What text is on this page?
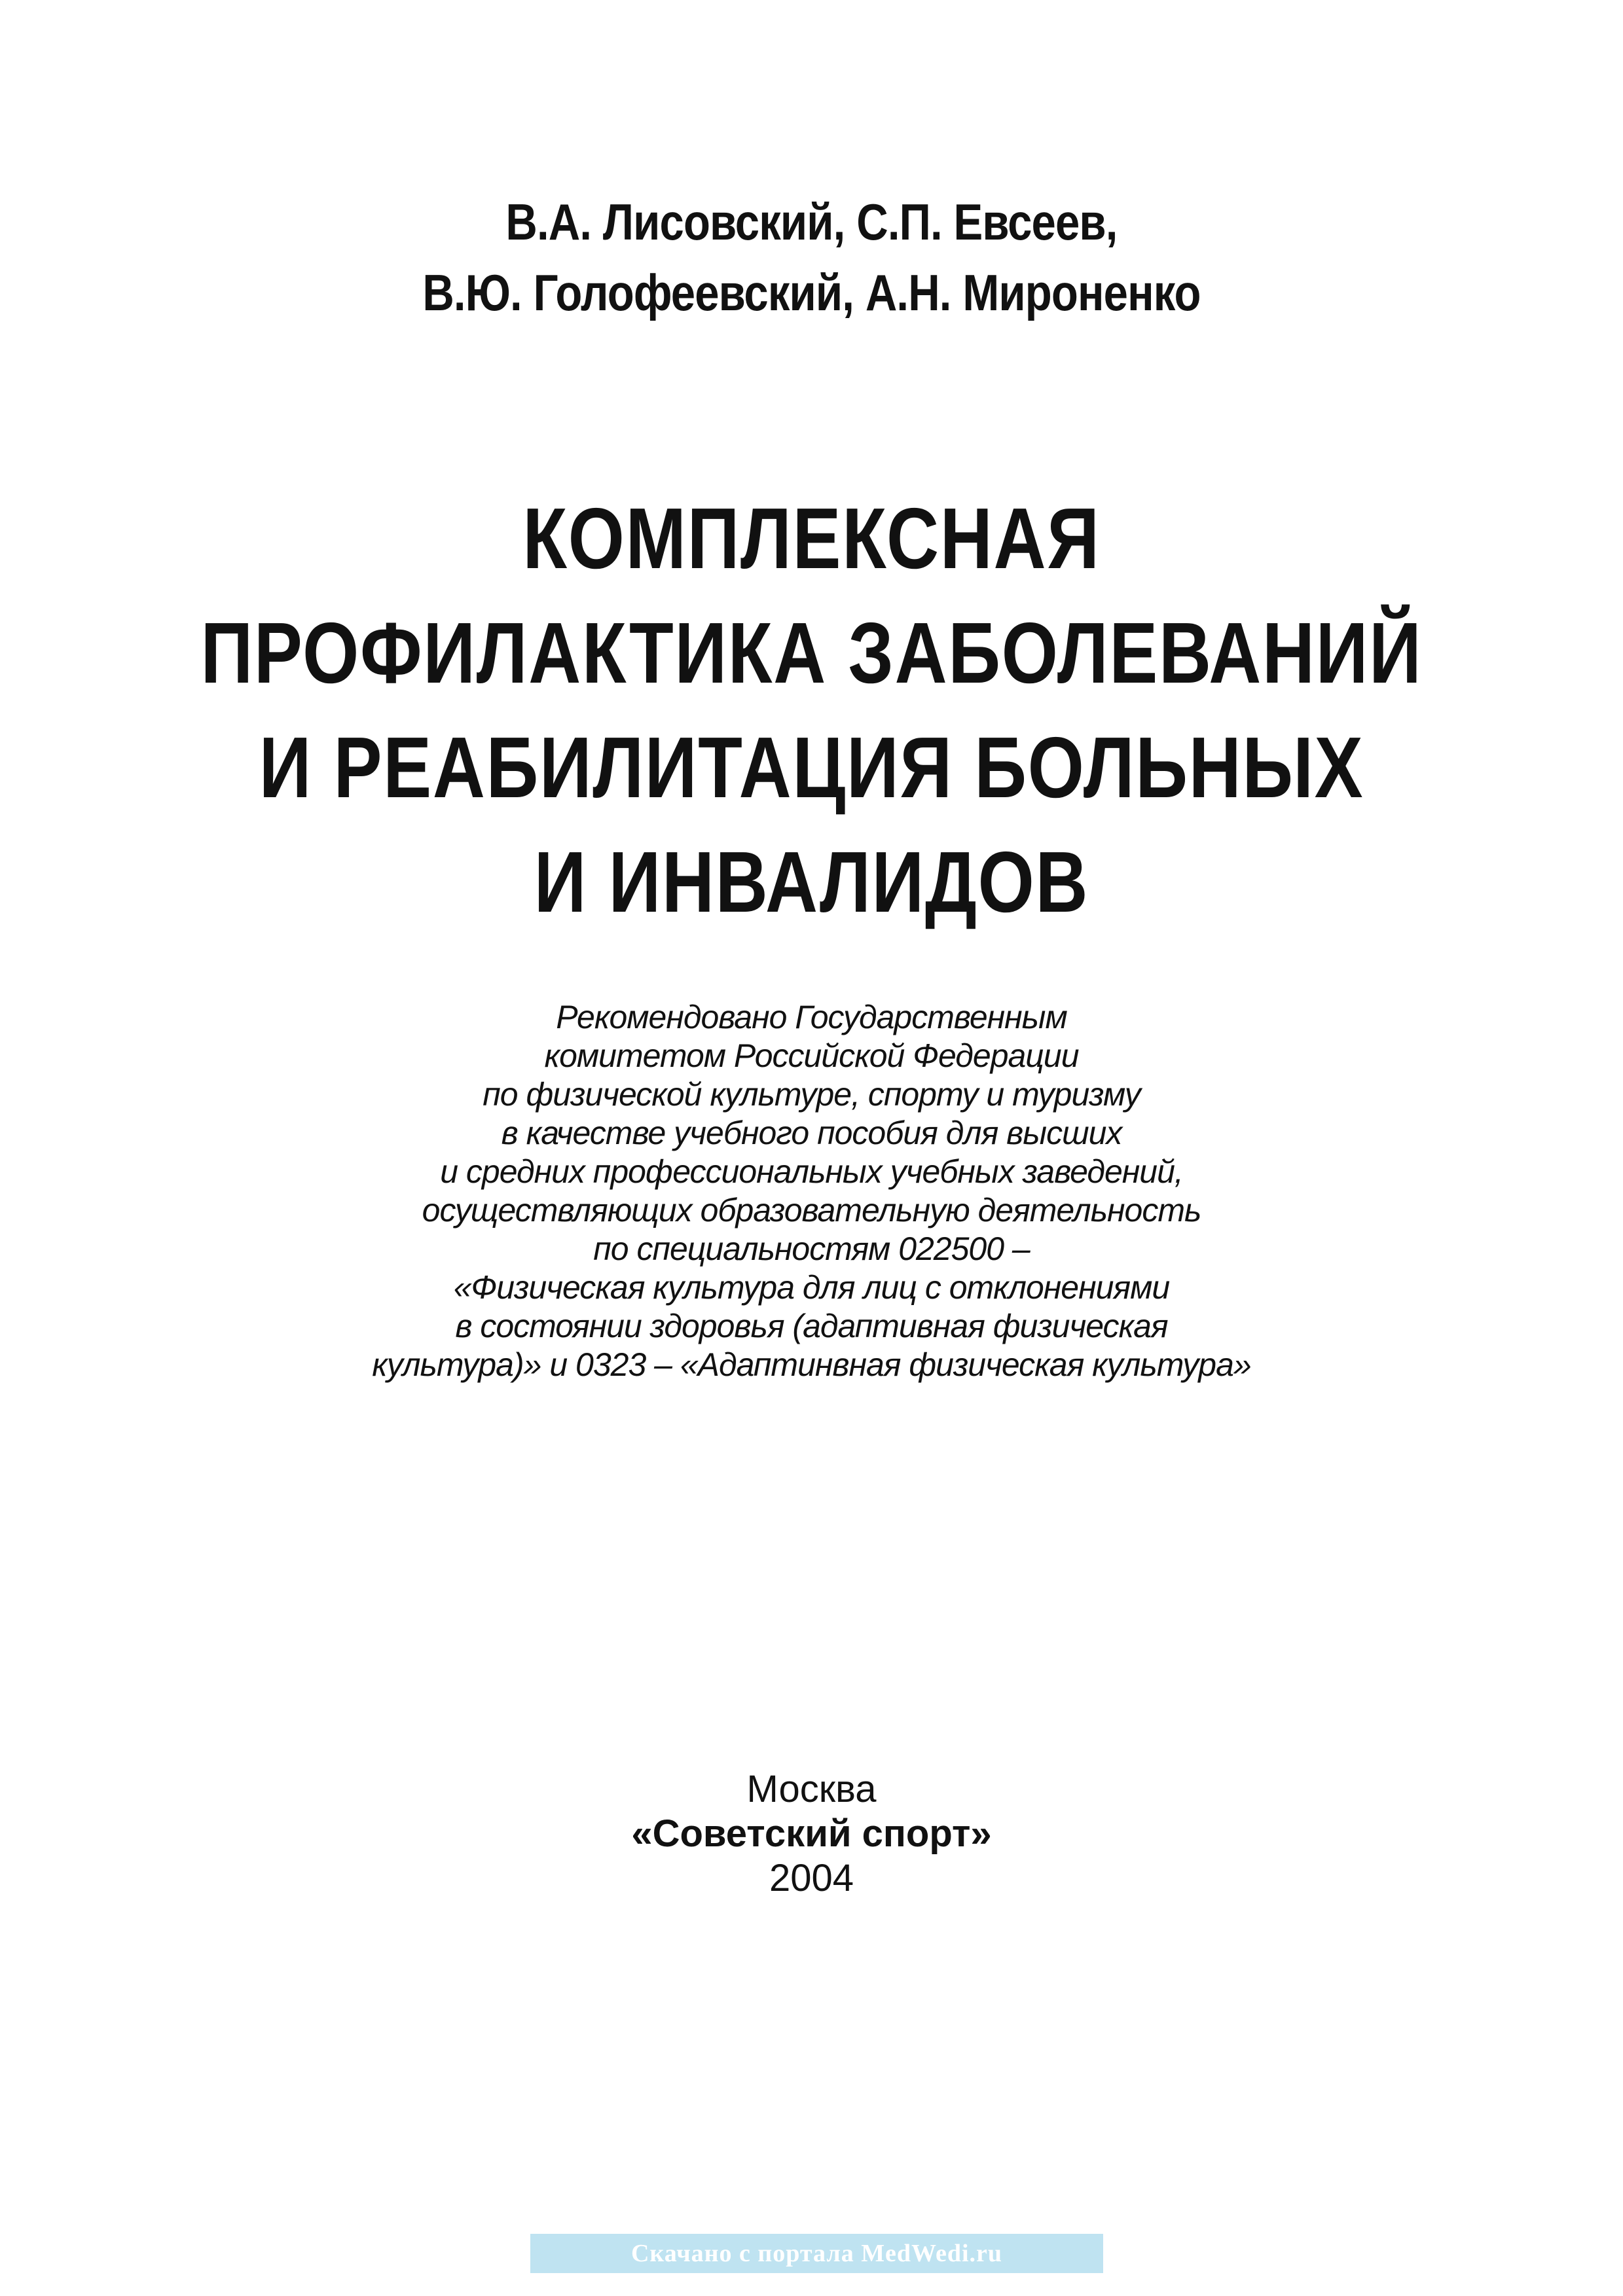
В.А. Лисовский, С.П. Евсеев,
В.Ю. Голофеевский, А.Н. Мироненко
КОМПЛЕКСНАЯ
ПРОФИЛАКТИКА ЗАБОЛЕВАНИЙ
И РЕАБИЛИТАЦИЯ БОЛЬНЫХ
И ИНВАЛИДОВ
Рекомендовано Государственным
комитетом Российской Федерации
по физической культуре, спорту и туризму
в качестве учебного пособия для высших
и средних профессиональных учебных заведений,
осуществляющих образовательную деятельность
по специальностям 022500 –
«Физическая культура для лиц с отклонениями
в состоянии здоровья (адаптивная физическая
культура)» и 0323 – «Адаптинвная физическая культура»
Москва
«Советский спорт»
2004
Скачано с портала MedWedi.ru
